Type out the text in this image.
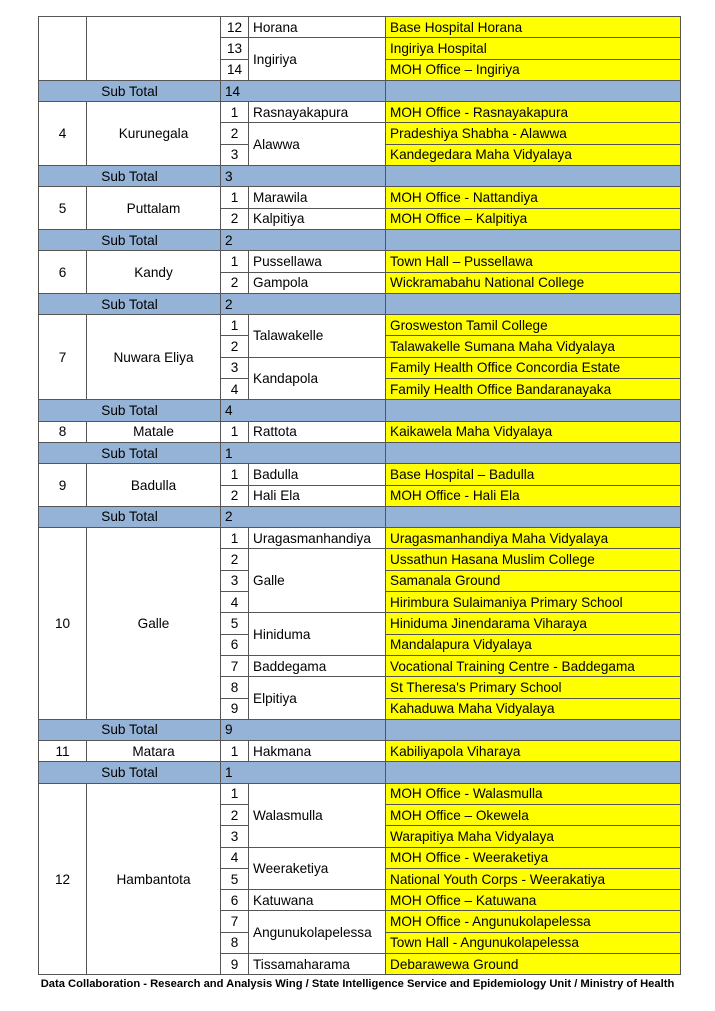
		12	Horana	Base Hospital Horana
		13	Ingiriya	Ingiriya Hospital
		14		MOH Office – Ingiriya
Sub Total		14		
4	Kurunegala	1	Rasnayakapura	MOH Office - Rasnayakapura
		2	Alawwa	Pradeshiya Shabha - Alawwa
		3		Kandegedara Maha Vidyalaya
Sub Total		3		
5	Puttalam	1	Marawila	MOH Office - Nattandiya
		2	Kalpitiya	MOH Office – Kalpitiya
Sub Total		2		
6	Kandy	1	Pussellawa	Town Hall – Pussellawa
		2	Gampola	Wickramabahu National College
Sub Total		2		
7	Nuwara Eliya	1	Talawakelle	Grosweston Tamil College
		2		Talawakelle Sumana Maha Vidyalaya
		3	Kandapola	Family Health Office Concordia Estate
		4		Family Health Office Bandaranayaka
Sub Total		4		
8	Matale	1	Rattota	Kaikawela Maha Vidyalaya
Sub Total		1		
9	Badulla	1	Badulla	Base Hospital – Badulla
		2	Hali Ela	MOH Office - Hali Ela
Sub Total		2		
10	Galle	1	Uragasmanhandiya	Uragasmanhandiya Maha Vidyalaya
		2	Galle	Ussathun Hasana Muslim College
		3		Samanala Ground
		4		Hirimbura Sulaimaniya Primary School
		5	Hiniduma	Hiniduma Jinendarama Viharaya
		6		Mandalapura Vidyalaya
		7	Baddegama	Vocational Training Centre - Baddegama
		8	Elpitiya	St Theresa's Primary School
		9		Kahaduwa Maha Vidyalaya
Sub Total		9		
11	Matara	1	Hakmana	Kabiliyapola Viharaya
Sub Total		1		
12	Hambantota	1	Walasmulla	MOH Office - Walasmulla
		2		MOH Office – Okewela
		3		Warapitiya Maha Vidyalaya
		4	Weeraketiya	MOH Office - Weeraketiya
		5		National Youth Corps - Weerakatiya
		6	Katuwana	MOH Office – Katuwana
		7	Angunukolapelessa	MOH Office - Angunukolapelessa
		8		Town Hall - Angunukolapelessa
		9	Tissamaharama	Debarawewa Ground
Data Collaboration - Research and Analysis Wing / State Intelligence Service and Epidemiology Unit / Ministry of Health
